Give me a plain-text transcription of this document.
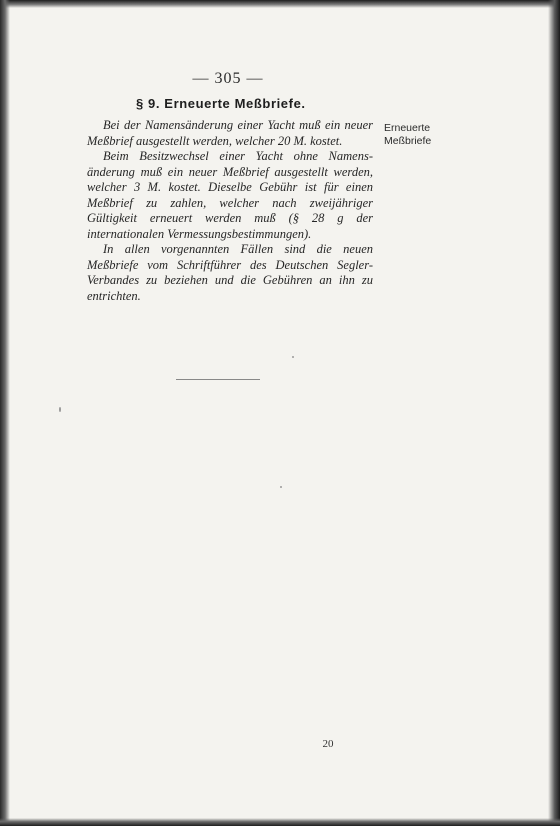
— 305 —
§ 9. Erneuerte Meßbriefe.
Erneuerte
Meßbriefe

Bei der Namensänderung einer Yacht muß ein neuer Meßbrief ausgestellt werden, welcher 20 M. kostet.

Beim Besitzwechsel einer Yacht ohne Namensänderung muß ein neuer Meßbrief ausgestellt werden, welcher 3 M. kostet. Dieselbe Gebühr ist für einen Meßbrief zu zahlen, welcher nach zweijähriger Gültigkeit erneuert werden muß (§ 28 g der internationalen Vermessungsbestimmungen).

In allen vorgenannten Fällen sind die neuen Meßbriefe vom Schriftführer des Deutschen Segler-Verbandes zu beziehen und die Gebühren an ihn zu entrichten.

20
